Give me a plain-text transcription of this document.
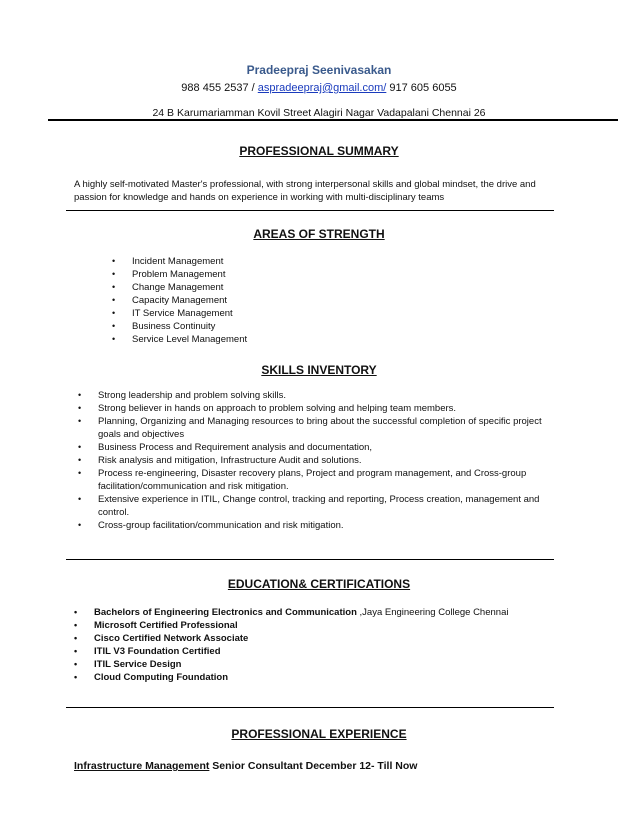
Pradeepraj Seenivasakan
988 455 2537 / aspradeepraj@gmail.com/ 917 605 6055
24 B Karumariamman Kovil Street Alagiri Nagar Vadapalani Chennai 26
PROFESSIONAL SUMMARY
A highly self-motivated Master's professional, with strong interpersonal skills and global mindset, the drive and
passion for knowledge and hands on experience in working with multi-disciplinary teams
AREAS OF STRENGTH
• Incident Management
• Problem Management
• Change Management
• Capacity Management
• IT Service Management
• Business Continuity
• Service Level Management
SKILLS INVENTORY
• Strong leadership and problem solving skills.
• Strong believer in hands on approach to problem solving and helping team members.
• Planning, Organizing and Managing resources to bring about the successful completion of specific project
goals and objectives
• Business Process and Requirement analysis and documentation,
• Risk analysis and mitigation, Infrastructure Audit and solutions.
• Process re-engineering, Disaster recovery plans, Project and program management, and Cross-group
facilitation/communication and risk mitigation.
• Extensive experience in ITIL, Change control, tracking and reporting, Process creation, management and
control.
• Cross-group facilitation/communication and risk mitigation.
EDUCATION& CERTIFICATIONS
• Bachelors of Engineering Electronics and Communication ,Jaya Engineering College Chennai
• Microsoft Certified Professional
• Cisco Certified Network Associate
• ITIL V3 Foundation Certified
• ITIL Service Design
• Cloud Computing Foundation
PROFESSIONAL EXPERIENCE
Infrastructure Management Senior Consultant December 12- Till Now
